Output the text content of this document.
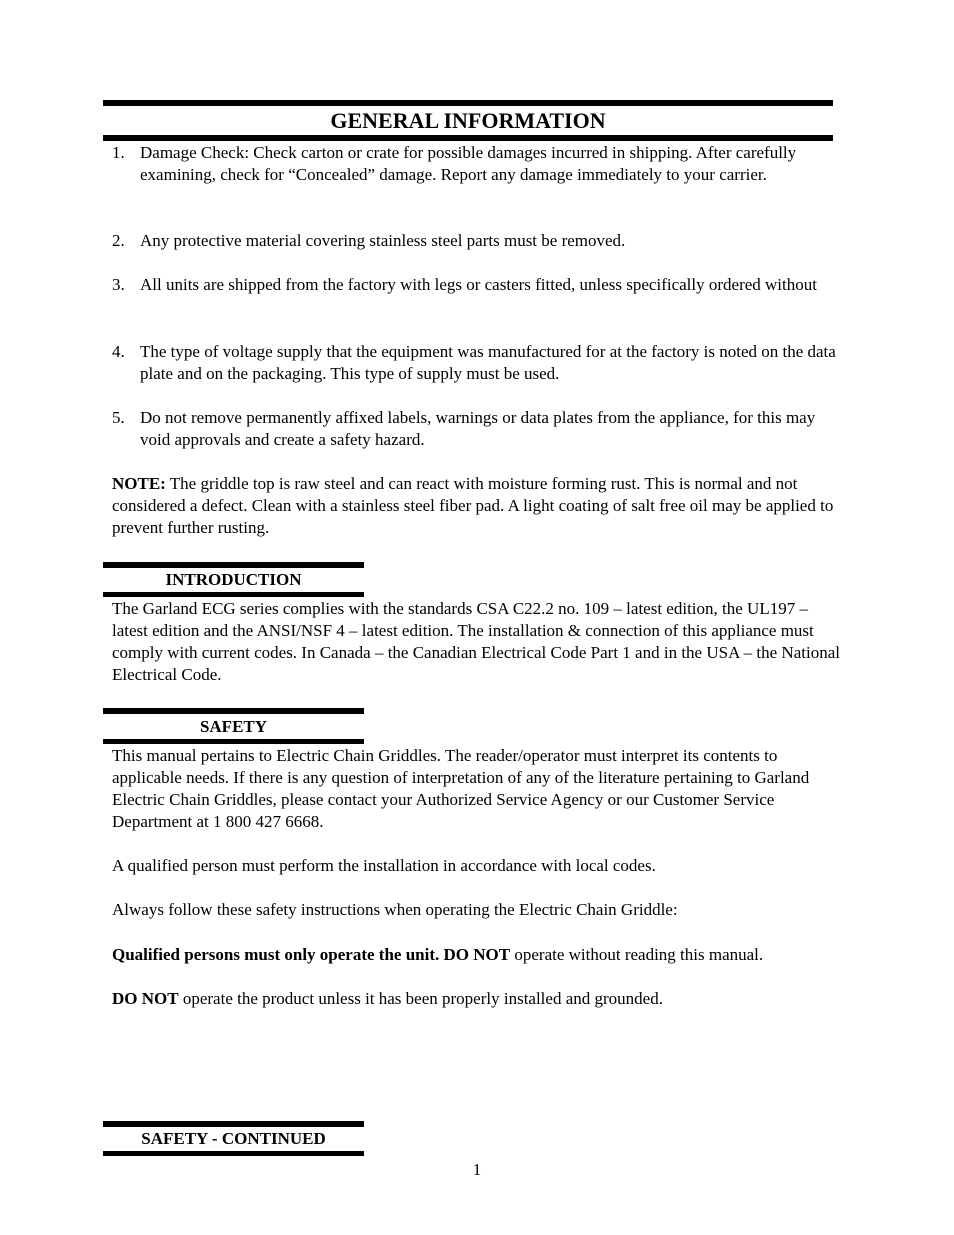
GENERAL INFORMATION
1. Damage Check: Check carton or crate for possible damages incurred in shipping. After carefully examining, check for “Concealed” damage. Report any damage immediately to your carrier.
2. Any protective material covering stainless steel parts must be removed.
3. All units are shipped from the factory with legs or casters fitted, unless specifically ordered without
4. The type of voltage supply that the equipment was manufactured for at the factory is noted on the data plate and on the packaging. This type of supply must be used.
5. Do not remove permanently affixed labels, warnings or data plates from the appliance, for this may void approvals and create a safety hazard.

NOTE: The griddle top is raw steel and can react with moisture forming rust. This is normal and not considered a defect. Clean with a stainless steel fiber pad. A light coating of salt free oil may be applied to prevent further rusting.

INTRODUCTION

The Garland ECG series complies with the standards CSA C22.2 no. 109 – latest edition, the UL197 – latest edition and the ANSI/NSF 4 – latest edition. The installation & connection of this appliance must comply with current codes. In Canada – the Canadian Electrical Code Part 1 and in the USA – the National Electrical Code.

SAFETY

This manual pertains to Electric Chain Griddles. The reader/operator must interpret its contents to applicable needs. If there is any question of interpretation of any of the literature pertaining to Garland Electric Chain Griddles, please contact your Authorized Service Agency or our Customer Service Department at 1 800 427 6668.

A qualified person must perform the installation in accordance with local codes.

Always follow these safety instructions when operating the Electric Chain Griddle:

Qualified persons must only operate the unit. DO NOT operate without reading this manual.

DO NOT operate the product unless it has been properly installed and grounded.

SAFETY - CONTINUED
1
